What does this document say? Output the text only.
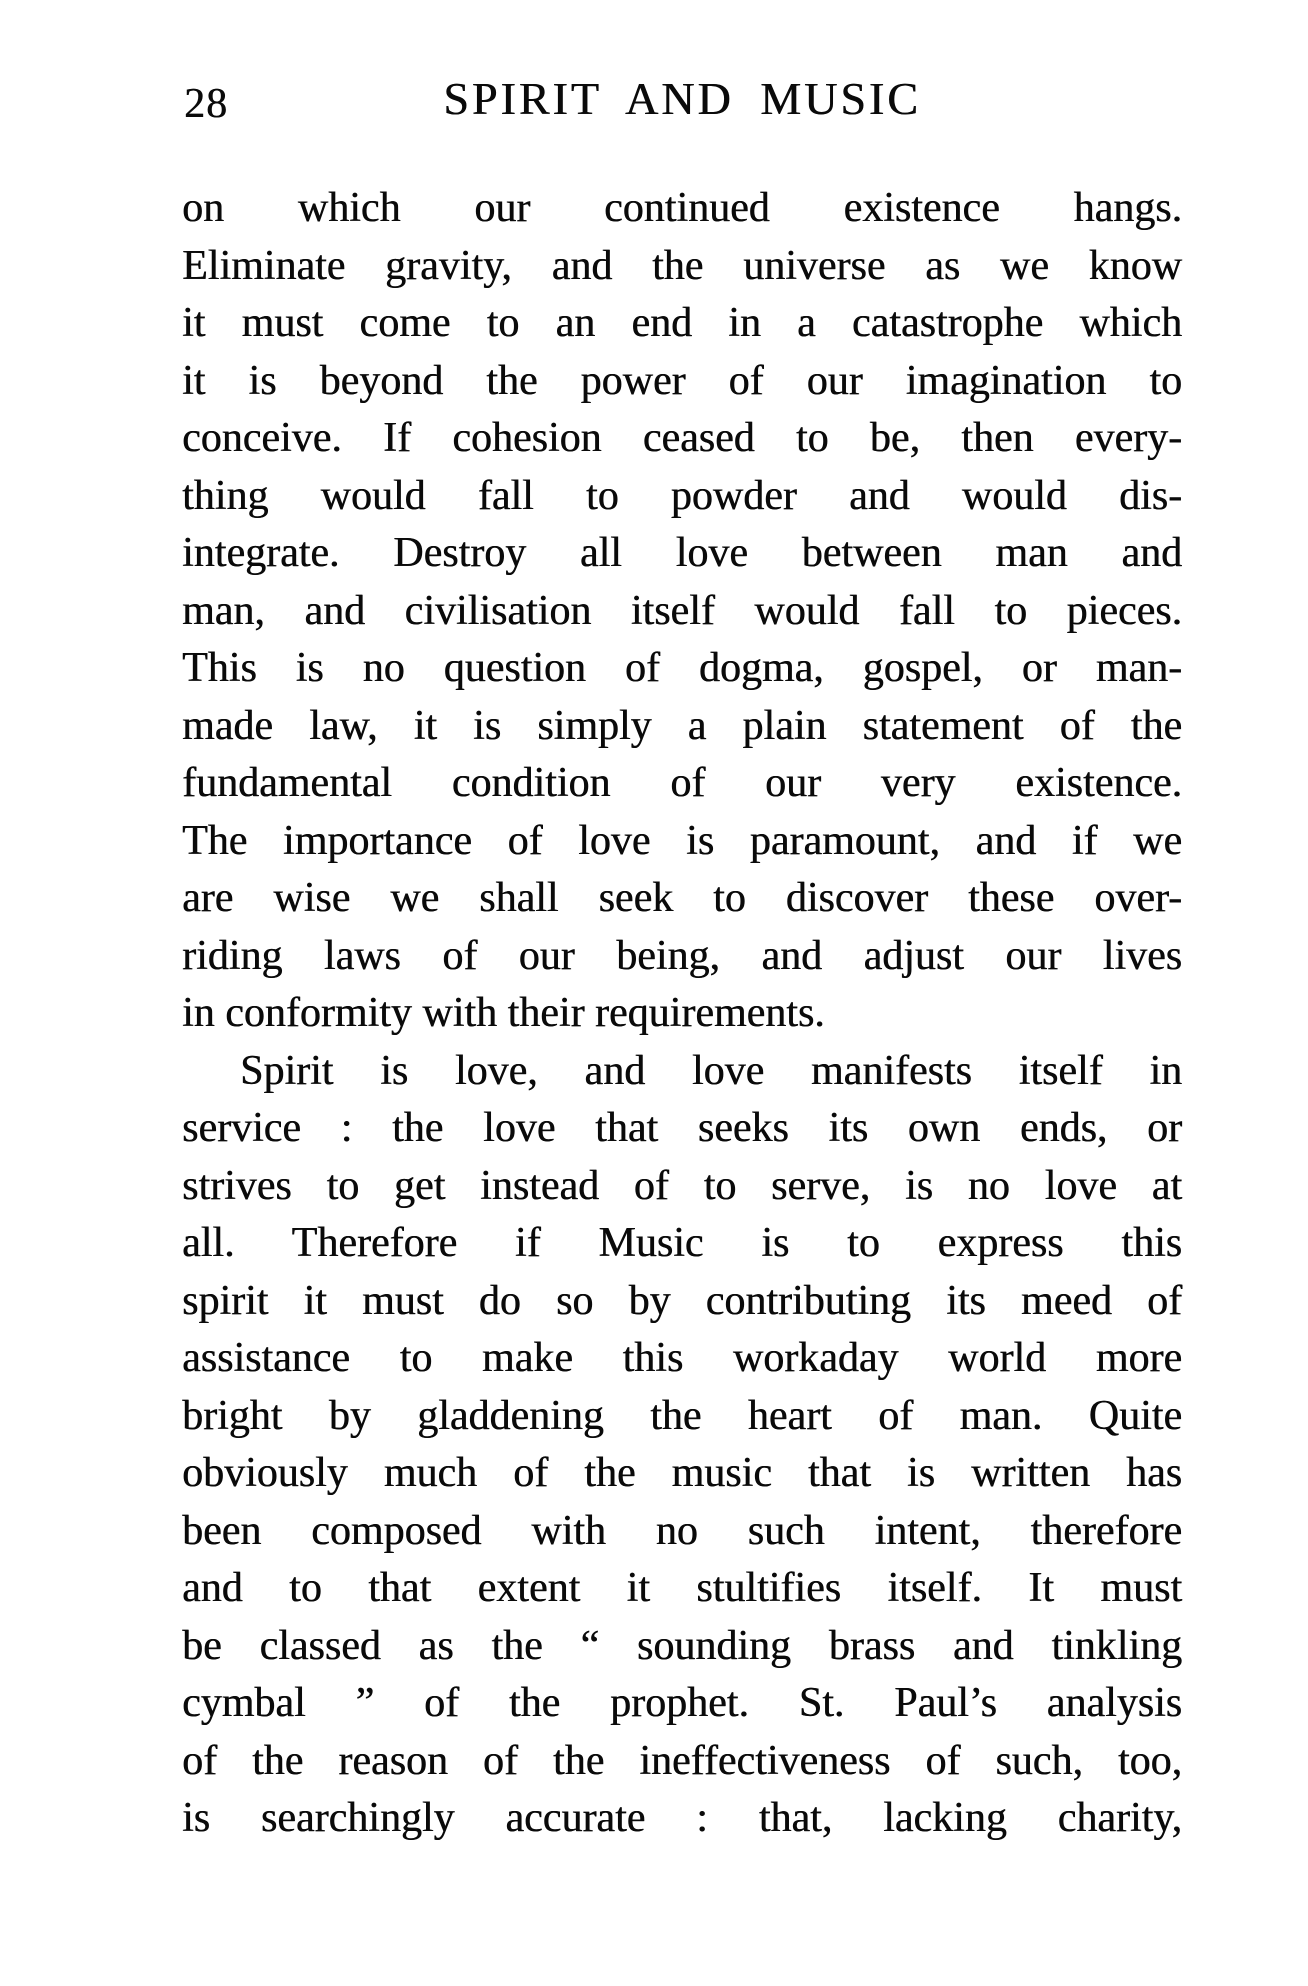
28	SPIRIT AND MUSIC
on which our continued existence hangs.
Eliminate gravity, and the universe as we know
it must come to an end in a catastrophe which
it is beyond the power of our imagination to
conceive. If cohesion ceased to be, then every-
thing would fall to powder and would dis-
integrate. Destroy all love between man and
man, and civilisation itself would fall to pieces.
This is no question of dogma, gospel, or man-
made law, it is simply a plain statement of the
fundamental condition of our very existence.
The importance of love is paramount, and if we
are wise we shall seek to discover these over-
riding laws of our being, and adjust our lives
in conformity with their requirements.
Spirit is love, and love manifests itself in
service : the love that seeks its own ends, or
strives to get instead of to serve, is no love at
all. Therefore if Music is to express this
spirit it must do so by contributing its meed of
assistance to make this workaday world more
bright by gladdening the heart of man. Quite
obviously much of the music that is written has
been composed with no such intent, therefore
and to that extent it stultifies itself. It must
be classed as the “ sounding brass and tinkling
cymbal ” of the prophet. St. Paul’s analysis
of the reason of the ineffectiveness of such, too,
is searchingly accurate : that, lacking charity,
